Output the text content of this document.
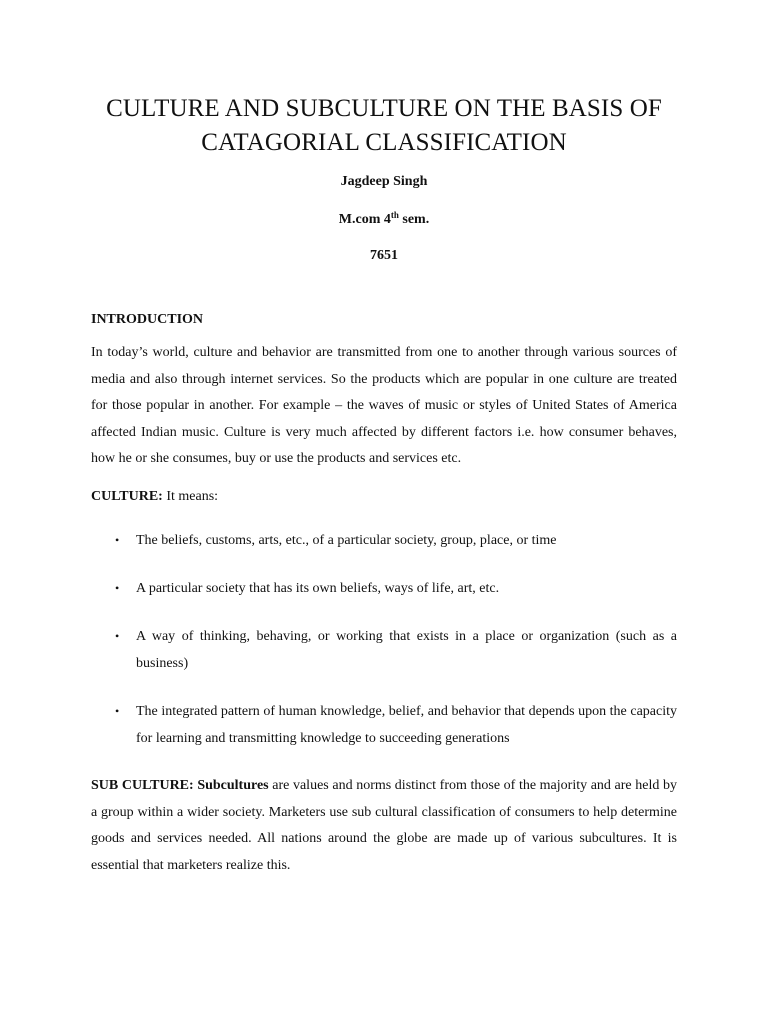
CULTURE AND SUBCULTURE ON THE BASIS OF
CATAGORIAL CLASSIFICATION

Jagdeep Singh

M.com 4th sem.

7651

INTRODUCTION

In today’s world, culture and behavior are transmitted from one to another through various sources of media and also through internet services. So the products which are popular in one culture are treated for those popular in another. For example – the waves of music or styles of United States of America affected Indian music. Culture is very much affected by different factors i.e. how consumer behaves, how he or she consumes, buy or use the products and services etc.

CULTURE: It means:

• The beliefs, customs, arts, etc., of a particular society, group, place, or time
• A particular society that has its own beliefs, ways of life, art, etc.
• A way of thinking, behaving, or working that exists in a place or organization (such as a business)
• The integrated pattern of human knowledge, belief, and behavior that depends upon the capacity for learning and transmitting knowledge to succeeding generations

SUB CULTURE: Subcultures are values and norms distinct from those of the majority and are held by a group within a wider society. Marketers use sub cultural classification of consumers to help determine goods and services needed. All nations around the globe are made up of various subcultures. It is essential that marketers realize this.
